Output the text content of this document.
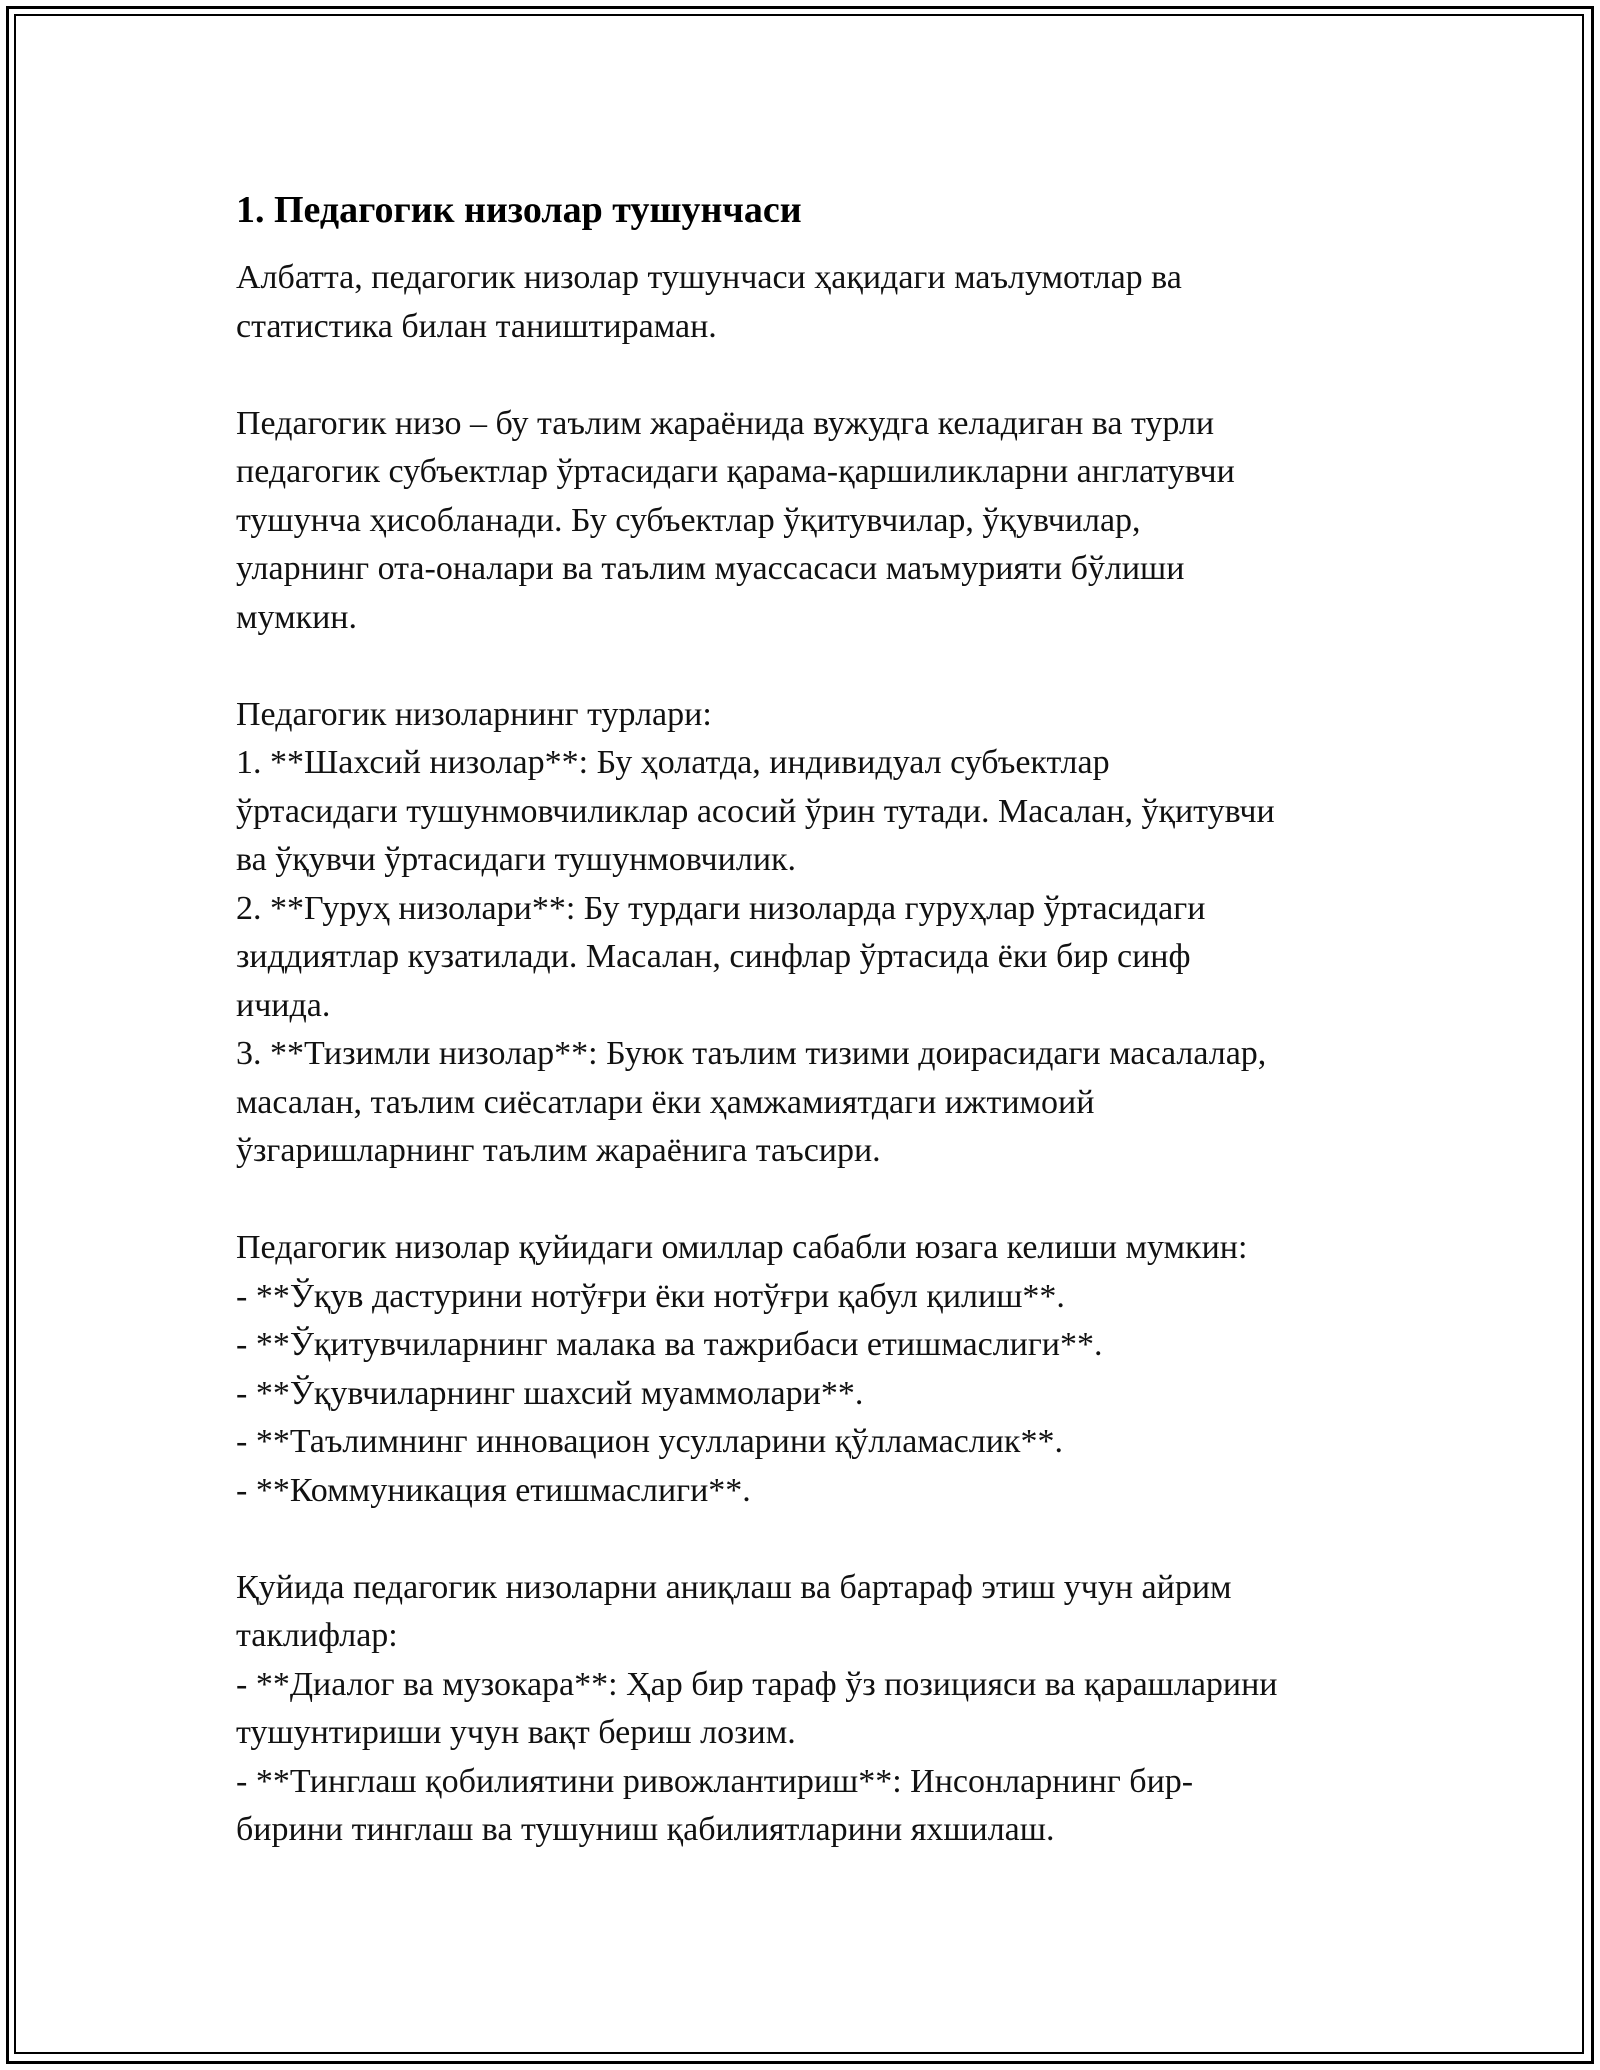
1. Педагогик низолар тушунчаси
Албатта, педагогик низолар тушунчаси ҳақидаги маълумотлар ва
статистика билан таништираман.
Педагогик низо – бу таълим жараёнида вужудга келадиган ва турли
педагогик субъектлар ўртасидаги қарама-қаршиликларни англатувчи
тушунча ҳисобланади. Бу субъектлар ўқитувчилар, ўқувчилар,
уларнинг ота-оналари ва таълим муассасаси маъмурияти бўлиши
мумкин.
Педагогик низоларнинг турлари:
1. **Шахсий низолар**: Бу ҳолатда, индивидуал субъектлар
ўртасидаги тушунмовчиликлар асосий ўрин тутади. Масалан, ўқитувчи
ва ўқувчи ўртасидаги тушунмовчилик.
2. **Гуруҳ низолари**: Бу турдаги низоларда гуруҳлар ўртасидаги
зиддиятлар кузатилади. Масалан, синфлар ўртасида ёки бир синф
ичида.
3. **Тизимли низолар**: Буюк таълим тизими доирасидаги масалалар,
масалан, таълим сиёсатлари ёки ҳамжамиятдаги ижтимоий
ўзгаришларнинг таълим жараёнига таъсири.
Педагогик низолар қуйидаги омиллар сабабли юзага келиши мумкин:
- **Ўқув дастурини нотўғри ёки нотўғри қабул қилиш**.
- **Ўқитувчиларнинг малака ва тажрибаси етишмаслиги**.
- **Ўқувчиларнинг шахсий муаммолари**.
- **Таълимнинг инновацион усулларини қўлламаслик**.
- **Коммуникация етишмаслиги**.
Қуйида педагогик низоларни аниқлаш ва бартараф этиш учун айрим
таклифлар:
- **Диалог ва музокара**: Ҳар бир тараф ўз позицияси ва қарашларини
тушунтириши учун вақт бериш лозим.
- **Тинглаш қобилиятини ривожлантириш**: Инсонларнинг бир-
бирини тинглаш ва тушуниш қабилиятларини яхшилаш.
